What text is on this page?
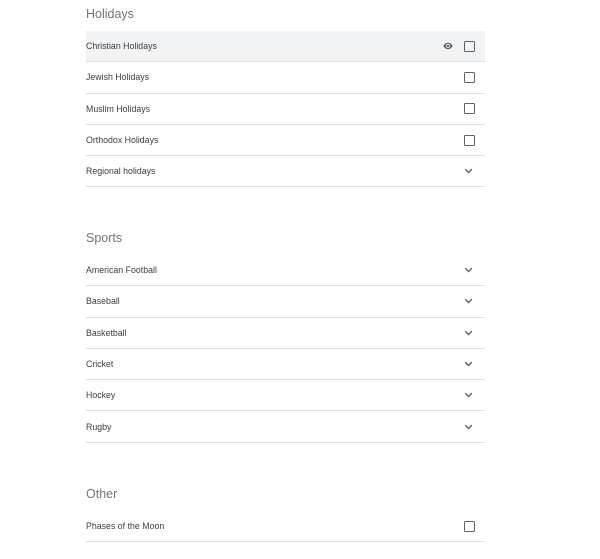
Holidays
Christian Holidays
Jewish Holidays
Muslim Holidays
Orthodox Holidays
Regional holidays
Sports
American Football
Baseball
Basketball
Cricket
Hockey
Rugby
Other
Phases of the Moon
